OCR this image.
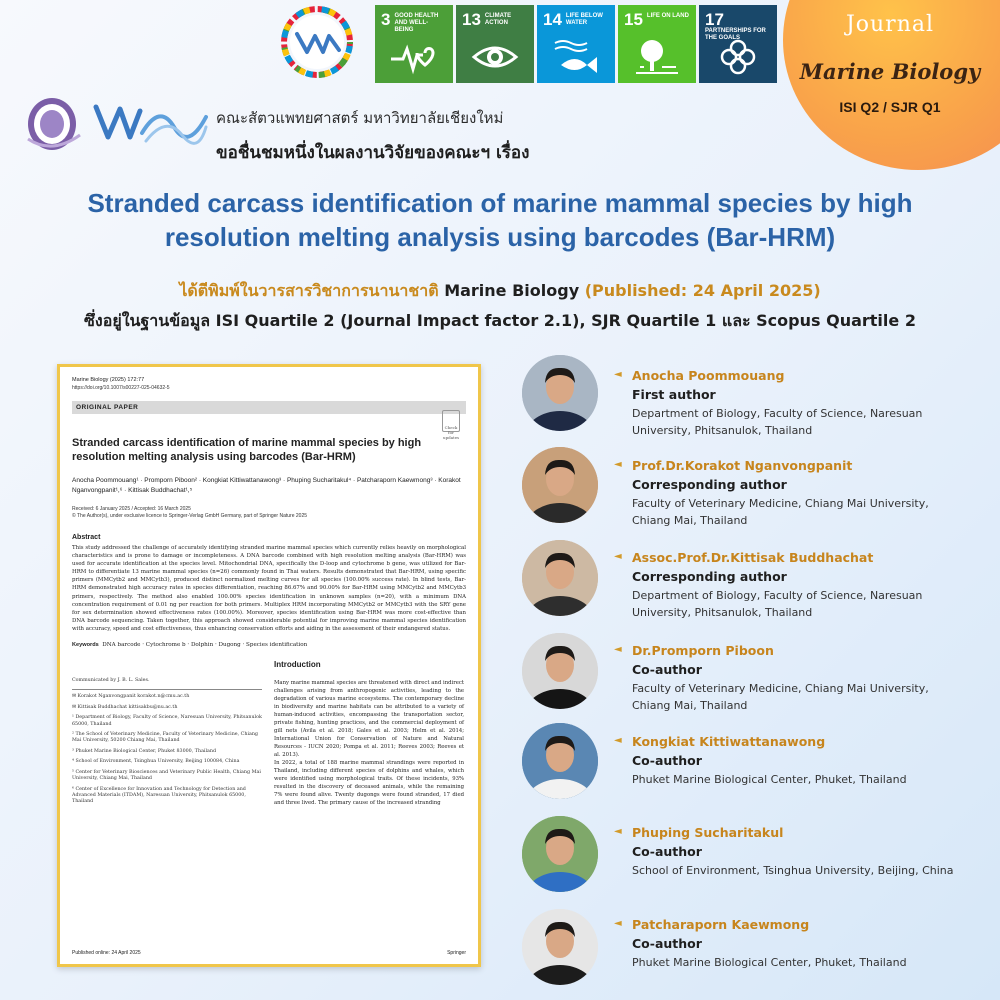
3 GOOD HEALTH AND WELL-BEING
13 CLIMATE ACTION	14 LIFE BELOW WATER	15 LIFE ON LAND 17
PARTNERSHIPS FOR THE GOALS
Journal
Marine Biology
ISI Q2 / SJR Q1
คณะสัตวแพทยศาสตร์ มหาวิทยาลัยเชียงใหม่
ขอชื่นชมหนึ่งในผลงานวิจัยของคณะฯ เรื่อง
Stranded carcass identification of marine mammal species by high resolution melting analysis using barcodes (Bar-HRM)
ได้ตีพิมพ์ในวารสารวิชาการนานาชาติ Marine Biology (Published: 24 April 2025)
ซึ่งอยู่ในฐานข้อมูล ISI Quartile 2 (Journal Impact factor 2.1), SJR Quartile 1 และ Scopus Quartile 2
Marine Biology (2025) 172:77
https://doi.org/10.1007/s00227-025-04632-5
ORIGINAL PAPER
Check for updates
Stranded carcass identification of marine mammal species by high resolution melting analysis using barcodes (Bar-HRM)
Anocha Poommouang¹ · Promporn Piboon² · Kongkiat Kittiwattanawong³ · Phuping Sucharitakul⁴ · Patcharaporn Kaewmong³ · Korakot Nganvongpanit¹,⁶ · Kittisak Buddhachat¹,⁵
Received: 6 January 2025 / Accepted: 16 March 2025
© The Author(s), under exclusive licence to Springer-Verlag GmbH Germany, part of Springer Nature 2025
Abstract
This study addressed the challenge of accurately identifying stranded marine mammal species which currently relies heavily on morphological characteristics and is prone to damage or incompleteness. A DNA barcode combined with high resolution melting analysis (Bar-HRM) was used for accurate identification at the species level. Mitochondrial DNA, specifically the D-loop and cytochrome b gene, was utilized for Bar-HRM to differentiate 13 marine mammal species (n=26) commonly found in Thai waters. Results demonstrated that Bar-HRM, using specific primers (MMCytb2 and MMCytb3), produced distinct normalized melting curves for all species (100.00% success rate). In blind tests, Bar-HRM demonstrated high accuracy rates in species differentiation, reaching 86.67% and 90.00% for Bar-HRM using MMCytb2 and MMCytb3 primers, respectively. The method also enabled 100.00% species identification in unknown samples (n=20), with a minimum DNA concentration requirement of 0.01 ng per reaction for both primers. Multiplex HRM incorporating MMCytb2 or MMCytb3 with the SRY gene for sex determination showed effectiveness rates (100.00%). Moreover, species identification using Bar-HRM was more cost-effective than DNA barcode sequencing. Taken together, this approach showed considerable potential for improving marine mammal species identification with accuracy, speed and cost effectiveness, thus enhancing conservation efforts and aiding in the assessment of their endangered status.
Keywords DNA barcode · Cytochrome b · Dolphin · Dugong · Species identification
Communicated by J. B. L. Sales.
✉ Korakot Nganvongpanit korakot.n@cmu.ac.th
✉ Kittisak Buddhachat kittisakbu@nu.ac.th
¹ Department of Biology, Faculty of Science, Naresuan University, Phitsanulok 65000, Thailand
² The School of Veterinary Medicine, Faculty of Veterinary Medicine, Chiang Mai University, 50200 Chiang Mai, Thailand
³ Phuket Marine Biological Center, Phuket 83000, Thailand
⁴ School of Environment, Tsinghua University, Beijing 100084, China
⁵ Center for Veterinary Biosciences and Veterinary Public Health, Chiang Mai University, Chiang Mai, Thailand
⁶ Center of Excellence for Innovation and Technology for Detection and Advanced Materials (ITDAM), Naresuan University, Phitsanulok 65000, Thailand
Introduction
Many marine mammal species are threatened with direct and indirect challenges arising from anthropogenic activities, leading to the degradation of various marine ecosystems. The contemporary decline in biodiversity and marine habitats can be attributed to a variety of human-induced activities, encompassing the transportation sector, private fishing, hunting practices, and the commercial deployment of gill nets (Avila et al. 2018; Gales et al. 2003; Helm et al. 2014; International Union for Conservation of Nature and Natural Resources - IUCN 2020; Pompa et al. 2011; Reeves 2003; Reeves et al. 2013).
In 2022, a total of 188 marine mammal strandings were reported in Thailand, including different species of dolphins and whales, which were identified using morphological traits. Of these incidents, 93% resulted in the discovery of deceased animals, while the remaining 7% were found alive. Twenty dugongs were found stranded, 17 died and three lived. The primary cause of the increased stranding
Published online: 24 April 2025	Springer
◄ Anocha Poommouang
First author
Department of Biology, Faculty of Science, Naresuan University, Phitsanulok, Thailand
◄ Prof.Dr.Korakot Nganvongpanit
Corresponding author
Faculty of Veterinary Medicine, Chiang Mai University, Chiang Mai, Thailand
◄ Assoc.Prof.Dr.Kittisak Buddhachat
Corresponding author
Department of Biology, Faculty of Science, Naresuan University, Phitsanulok, Thailand
◄ Dr.Promporn Piboon
Co-author
Faculty of Veterinary Medicine, Chiang Mai University, Chiang Mai, Thailand
◄ Kongkiat Kittiwattanawong
Co-author
Phuket Marine Biological Center, Phuket, Thailand
◄ Phuping Sucharitakul
Co-author
School of Environment, Tsinghua University, Beijing, China
◄ Patcharaporn Kaewmong
Co-author
Phuket Marine Biological Center, Phuket, Thailand
